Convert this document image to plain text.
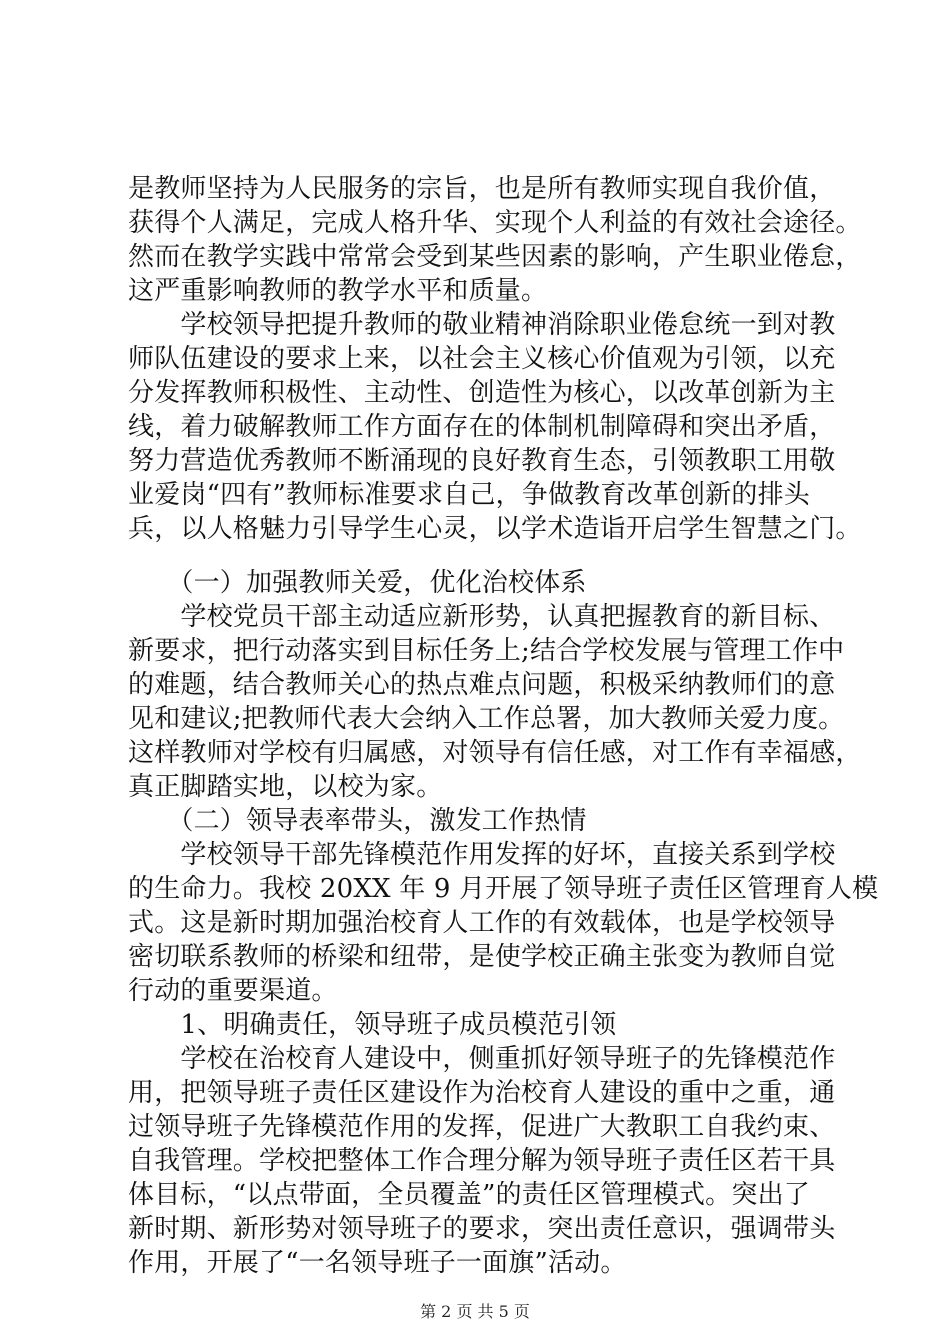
是教师坚持为人民服务的宗旨，也是所有教师实现自我价值，
获得个人满足，完成人格升华、实现个人利益的有效社会途径。
然而在教学实践中常常会受到某些因素的影响，产生职业倦怠，
这严重影响教师的教学水平和质量。
　　学校领导把提升教师的敬业精神消除职业倦怠统一到对教
师队伍建设的要求上来，以社会主义核心价值观为引领，以充
分发挥教师积极性、主动性、创造性为核心，以改革创新为主
线，着力破解教师工作方面存在的体制机制障碍和突出矛盾，
努力营造优秀教师不断涌现的良好教育生态，引领教职工用敬
业爱岗“四有”教师标准要求自己，争做教育改革创新的排头
兵，以人格魅力引导学生心灵，以学术造诣开启学生智慧之门。
　　（一）加强教师关爱，优化治校体系
　　学校党员干部主动适应新形势，认真把握教育的新目标、
新要求，把行动落实到目标任务上;结合学校发展与管理工作中
的难题，结合教师关心的热点难点问题，积极采纳教师们的意
见和建议;把教师代表大会纳入工作总署，加大教师关爱力度。
这样教师对学校有归属感，对领导有信任感，对工作有幸福感，
真正脚踏实地，以校为家。
　　（二）领导表率带头，激发工作热情
　　学校领导干部先锋模范作用发挥的好坏，直接关系到学校
的生命力。我校 20XX 年 9 月开展了领导班子责任区管理育人模
式。这是新时期加强治校育人工作的有效载体，也是学校领导
密切联系教师的桥梁和纽带，是使学校正确主张变为教师自觉
行动的重要渠道。
　　1、明确责任，领导班子成员模范引领
　　学校在治校育人建设中，侧重抓好领导班子的先锋模范作
用，把领导班子责任区建设作为治校育人建设的重中之重，通
过领导班子先锋模范作用的发挥，促进广大教职工自我约束、
自我管理。学校把整体工作合理分解为领导班子责任区若干具
体目标，“以点带面，全员覆盖”的责任区管理模式。突出了
新时期、新形势对领导班子的要求，突出责任意识，强调带头
作用，开展了“一名领导班子一面旗”活动。
第 2 页 共 5 页
